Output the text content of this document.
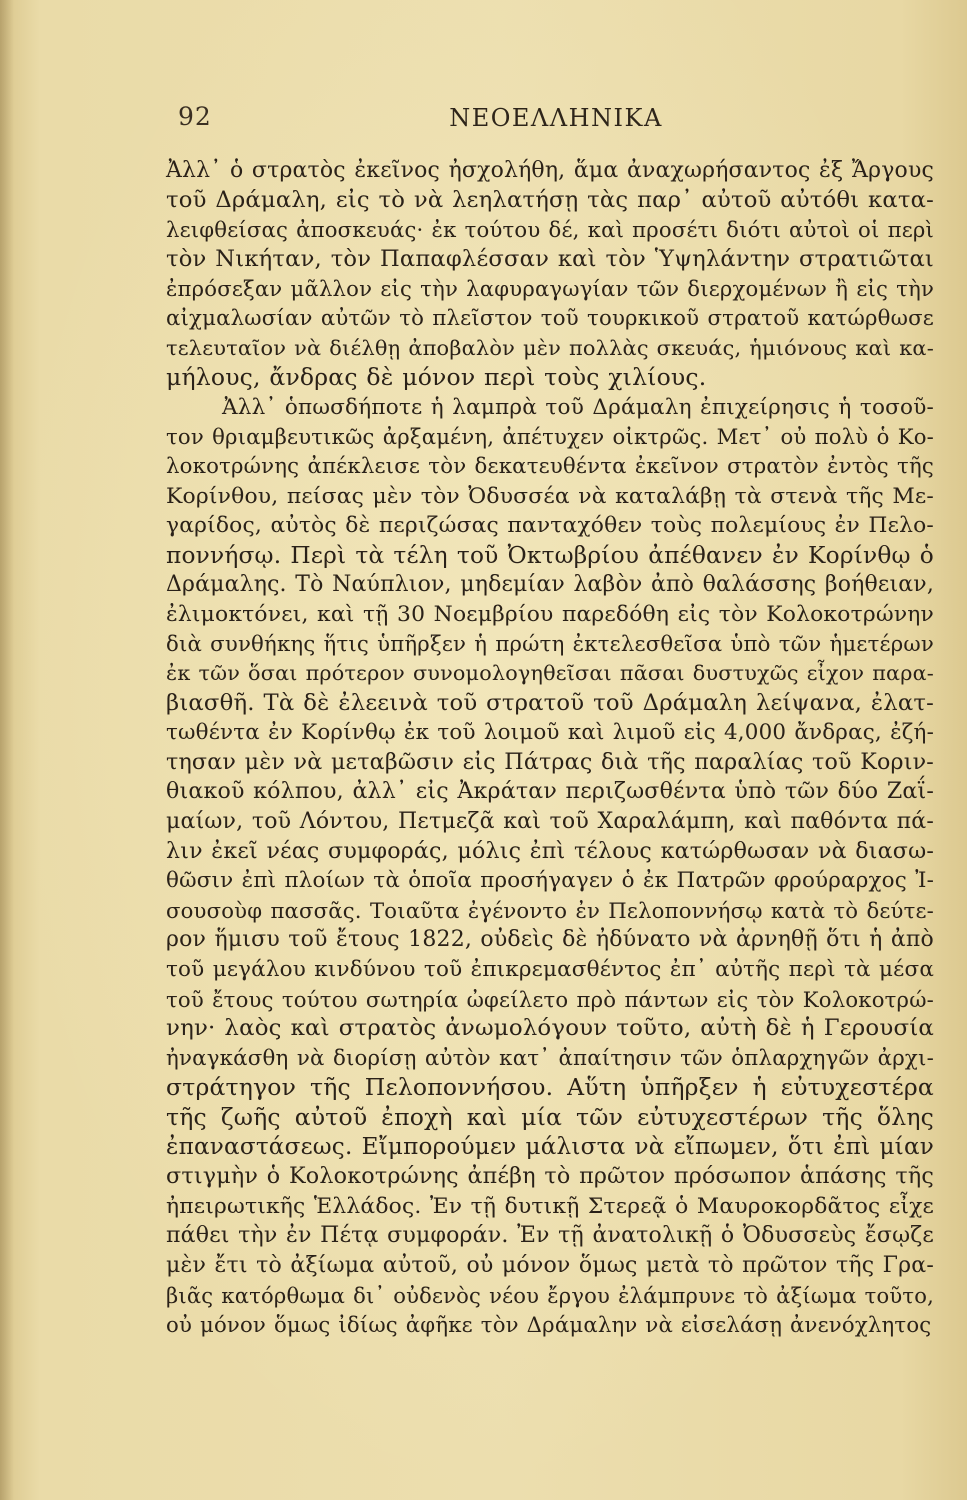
92	ΝΕΟΕΛΛΗΝΙΚΑ
Ἀλλ᾽ ὁ στρατὸς ἐκεῖνος ἠσχολήθη, ἅμα ἀναχωρήσαντος ἐξ Ἄργους
τοῦ Δράμαλη, εἰς τὸ νὰ λεηλατήσῃ τὰς παρ᾽ αὐτοῦ αὐτόθι κατα-
λειφθείσας ἀποσκευάς· ἐκ τούτου δέ, καὶ προσέτι διότι αὐτοὶ οἱ περὶ
τὸν Νικήταν, τὸν Παπαφλέσσαν καὶ τὸν Ὑψηλάντην στρατιῶται
ἐπρόσεξαν μᾶλλον εἰς τὴν λαφυραγωγίαν τῶν διερχομένων ἢ εἰς τὴν
αἰχμαλωσίαν αὐτῶν τὸ πλεῖστον τοῦ τουρκικοῦ στρατοῦ κατώρθωσε
τελευταῖον νὰ διέλθῃ ἀποβαλὸν μὲν πολλὰς σκευάς, ἡμιόνους καὶ κα-
μήλους, ἄνδρας δὲ μόνον περὶ τοὺς χιλίους.
Ἀλλ᾽ ὁπωσδήποτε ἡ λαμπρὰ τοῦ Δράμαλη ἐπιχείρησις ἡ τοσοῦ-
τον θριαμβευτικῶς ἀρξαμένη, ἀπέτυχεν οἰκτρῶς. Μετ᾽ οὐ πολὺ ὁ Κο-
λοκοτρώνης ἀπέκλεισε τὸν δεκατευθέντα ἐκεῖνον στρατὸν ἐντὸς τῆς
Κορίνθου, πείσας μὲν τὸν Ὀδυσσέα νὰ καταλάβῃ τὰ στενὰ τῆς Με-
γαρίδος, αὐτὸς δὲ περιζώσας πανταχόθεν τοὺς πολεμίους ἐν Πελο-
ποννήσῳ. Περὶ τὰ τέλη τοῦ Ὀκτωβρίου ἀπέθανεν ἐν Κορίνθῳ ὁ
Δράμαλης. Τὸ Ναύπλιον, μηδεμίαν λαβὸν ἀπὸ θαλάσσης βοήθειαν,
ἐλιμοκτόνει, καὶ τῇ 30 Νοεμβρίου παρεδόθη εἰς τὸν Κολοκοτρώνην
διὰ συνθήκης ἥτις ὑπῆρξεν ἡ πρώτη ἐκτελεσθεῖσα ὑπὸ τῶν ἡμετέρων
ἐκ τῶν ὅσαι πρότερον συνομολογηθεῖσαι πᾶσαι δυστυχῶς εἶχον παρα-
βιασθῆ. Τὰ δὲ ἐλεεινὰ τοῦ στρατοῦ τοῦ Δράμαλη λείψανα, ἐλατ-
τωθέντα ἐν Κορίνθῳ ἐκ τοῦ λοιμοῦ καὶ λιμοῦ εἰς 4,000 ἄνδρας, ἐζή-
τησαν μὲν νὰ μεταβῶσιν εἰς Πάτρας διὰ τῆς παραλίας τοῦ Κοριν-
θιακοῦ κόλπου, ἀλλ᾽ εἰς Ἀκράταν περιζωσθέντα ὑπὸ τῶν δύο Ζαΐ-
μαίων, τοῦ Λόντου, Πετμεζᾶ καὶ τοῦ Χαραλάμπη, καὶ παθόντα πά-
λιν ἐκεῖ νέας συμφοράς, μόλις ἐπὶ τέλους κατώρθωσαν νὰ διασω-
θῶσιν ἐπὶ πλοίων τὰ ὁποῖα προσήγαγεν ὁ ἐκ Πατρῶν φρούραρχος Ἰ-
σουσοὺφ πασσᾶς. Τοιαῦτα ἐγένοντο ἐν Πελοποννήσῳ κατὰ τὸ δεύτε-
ρον ἥμισυ τοῦ ἔτους 1822, οὐδεὶς δὲ ἠδύνατο νὰ ἀρνηθῇ ὅτι ἡ ἀπὸ
τοῦ μεγάλου κινδύνου τοῦ ἐπικρεμασθέντος ἐπ᾽ αὐτῆς περὶ τὰ μέσα
τοῦ ἔτους τούτου σωτηρία ὠφείλετο πρὸ πάντων εἰς τὸν Κολοκοτρώ-
νην· λαὸς καὶ στρατὸς ἀνωμολόγουν τοῦτο, αὐτὴ δὲ ἡ Γερουσία
ἠναγκάσθη νὰ διορίσῃ αὐτὸν κατ᾽ ἀπαίτησιν τῶν ὁπλαρχηγῶν ἀρχι-
στράτηγον τῆς Πελοποννήσου. Αὕτη ὑπῆρξεν ἡ εὐτυχεστέρα
τῆς ζωῆς αὐτοῦ ἐποχὴ καὶ μία τῶν εὐτυχεστέρων τῆς ὅλης
ἐπαναστάσεως. Εἴμπορούμεν μάλιστα νὰ εἴπωμεν, ὅτι ἐπὶ μίαν
στιγμὴν ὁ Κολοκοτρώνης ἀπέβη τὸ πρῶτον πρόσωπον ἁπάσης τῆς
ἠπειρωτικῆς Ἑλλάδος. Ἐν τῇ δυτικῇ Στερεᾷ ὁ Μαυροκορδᾶτος εἶχε
πάθει τὴν ἐν Πέτᾳ συμφοράν. Ἐν τῇ ἀνατολικῇ ὁ Ὀδυσσεὺς ἔσῳζε
μὲν ἔτι τὸ ἀξίωμα αὐτοῦ, οὐ μόνον ὅμως μετὰ τὸ πρῶτον τῆς Γρα-
βιᾶς κατόρθωμα δι᾽ οὐδενὸς νέου ἔργου ἐλάμπρυνε τὸ ἀξίωμα τοῦτο,
οὐ μόνον ὅμως ἰδίως ἀφῆκε τὸν Δράμαλην νὰ εἰσελάσῃ ἀνενόχλητος
